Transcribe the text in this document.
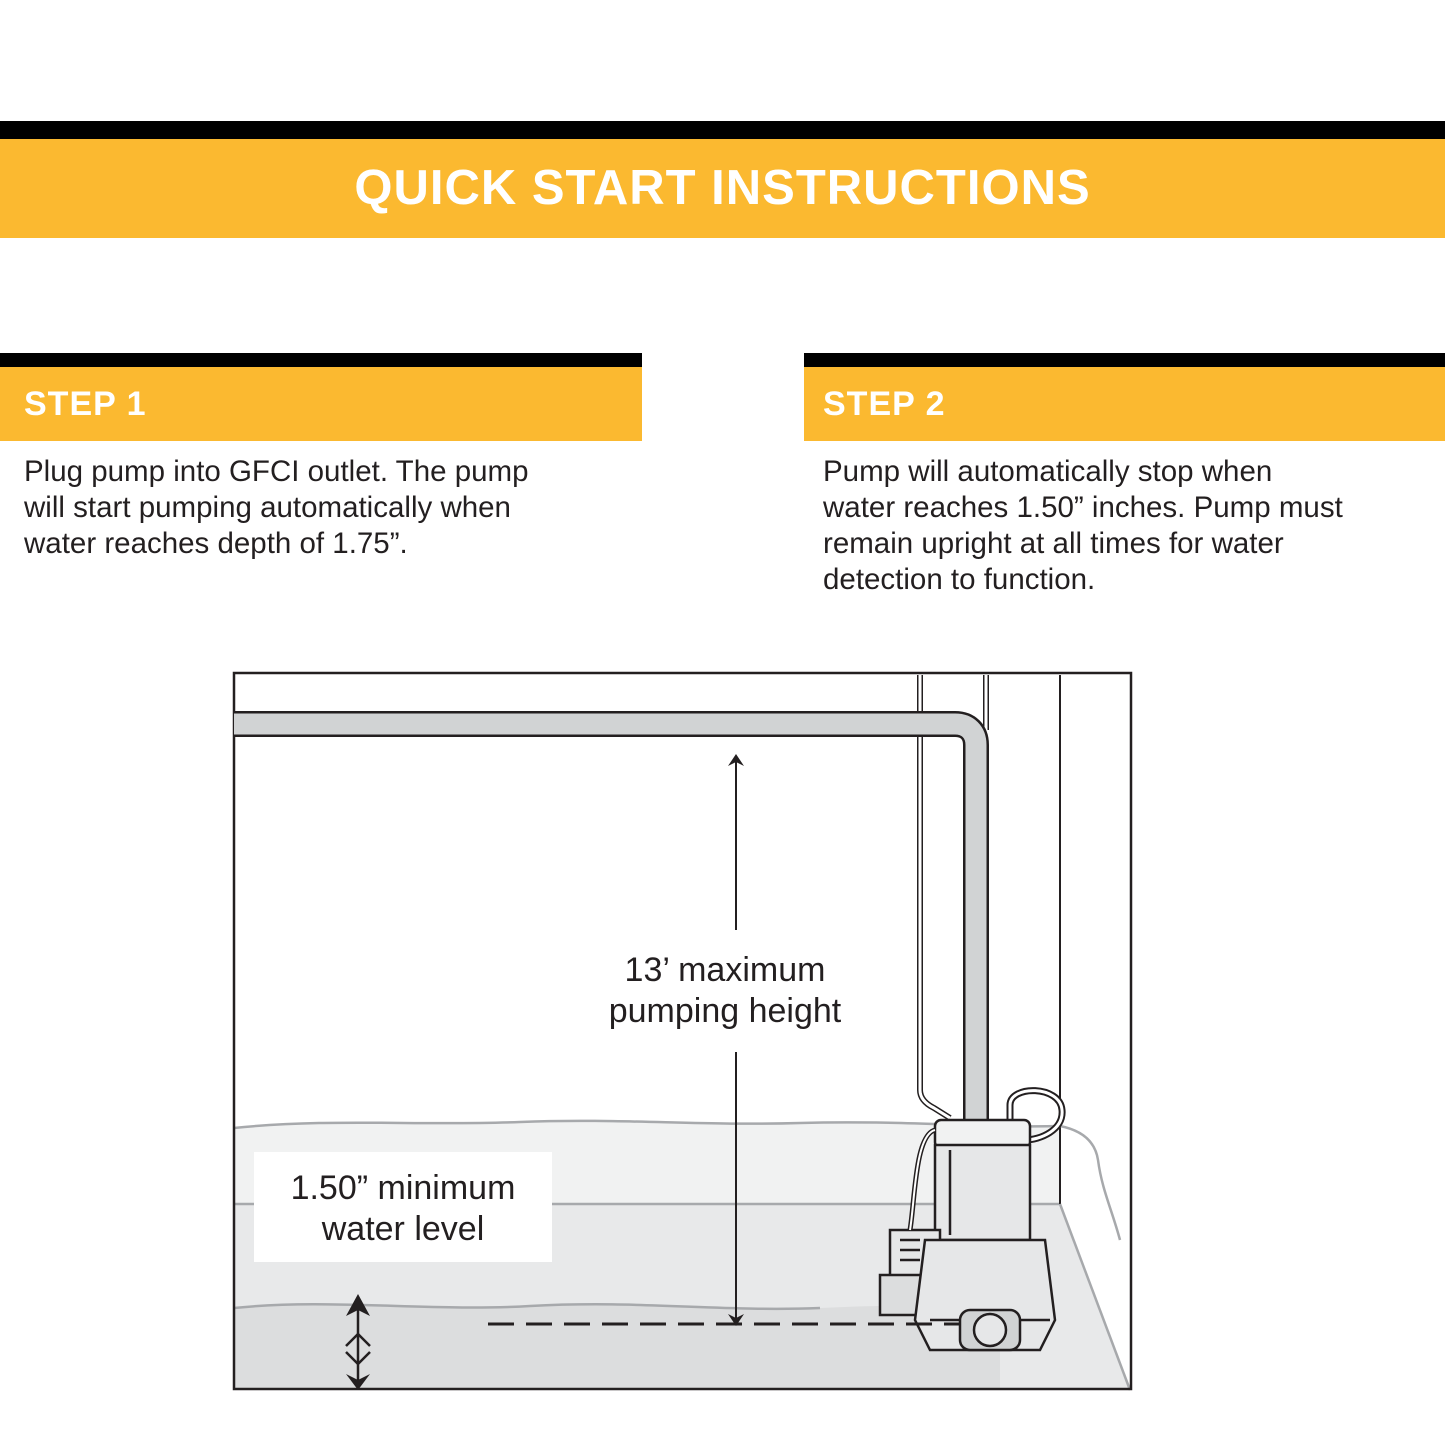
QUICK START INSTRUCTIONS
STEP 1
Plug pump into GFCI outlet. The pump
will start pumping automatically when
water reaches depth of 1.75”.
STEP 2
Pump will automatically stop when
water reaches 1.50” inches. Pump must
remain upright at all times for water
detection to function.
13’ maximum
pumping height
1.50” minimum
water level
